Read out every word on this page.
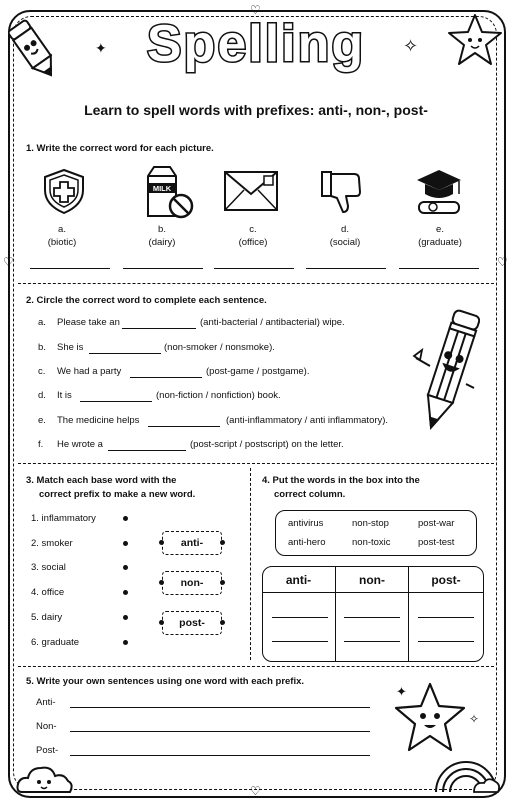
♡
♡
♡	♡
✧
✦ Spelling
Learn to spell words with prefixes: anti-, non-, post-
1. Write the correct word for each picture.
MILK
a.
(biotic)
b.
(dairy)
c.
(office)
d.
(social)
e.
(graduate)
2. Circle the correct word to complete each sentence.
a. Please take an	(anti-bacterial / antibacterial) wipe.
b. She is	(non-smoker / nonsmoke).
c. We had a party	(post-game / postgame).
d. It is	(non-fiction / nonfiction) book.
e. The medicine helps	(anti-inflammatory / anti inflammatory).
f. He wrote a	(post-script / postscript) on the letter.
3. Match each base word with the
correct prefix to make a new word.
1. inflammatory
2. smoker
3. social
4. office
5. dairy
6. graduate
anti-
non-
post-
4. Put the words in the box into the
correct column.
antivirus	non-stop	post-war
anti-hero	non-toxic	post-test
anti-	non-	post-
5. Write your own sentences using one word with each prefix.
Anti-
Non-
Post-
✦
✧
